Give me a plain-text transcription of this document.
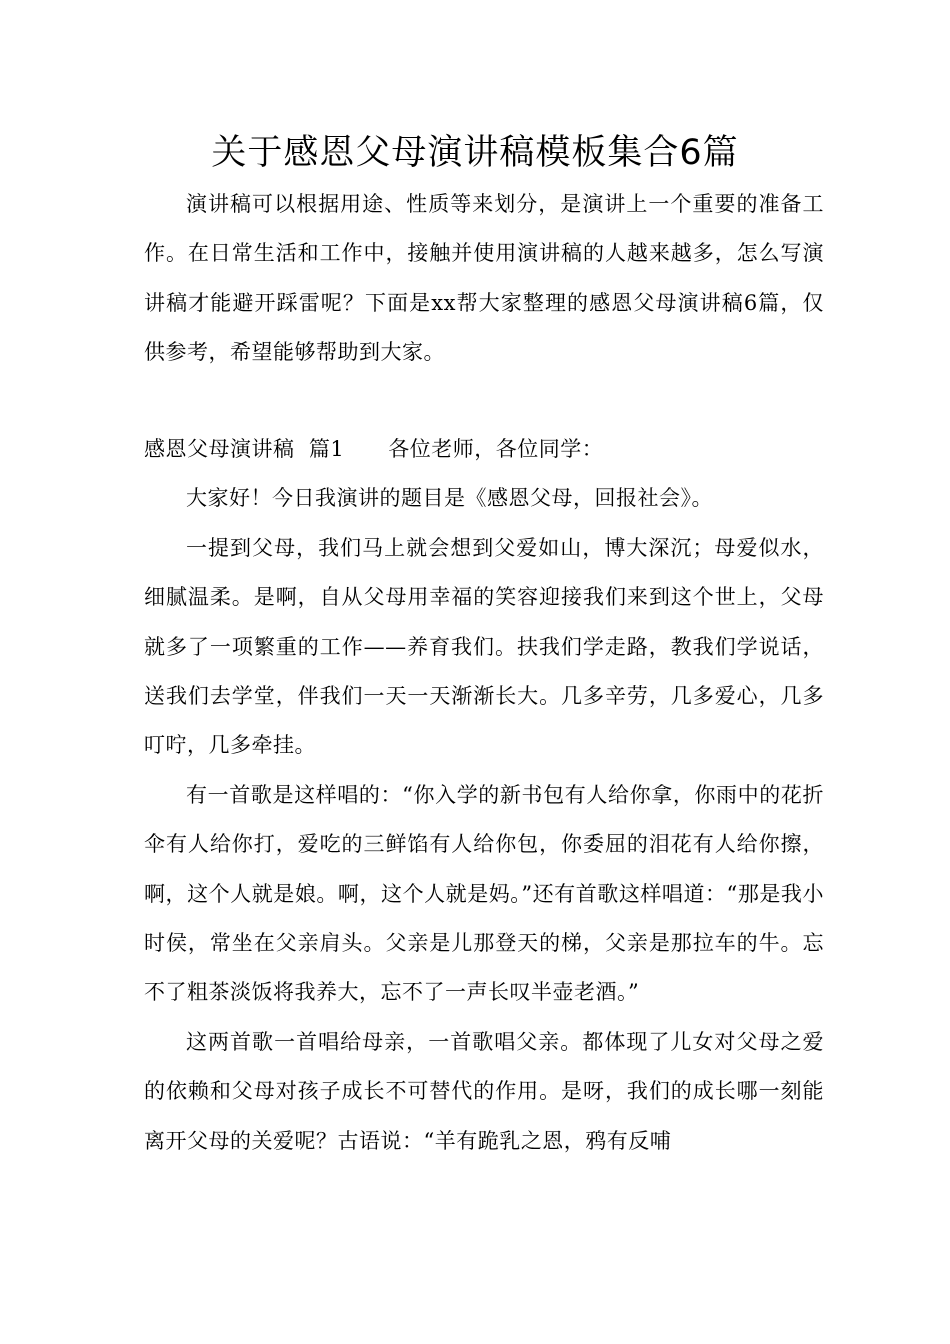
关于感恩父母演讲稿模板集合6篇

演讲稿可以根据用途、性质等来划分，是演讲上一个重要的准备工作。在日常生活和工作中，接触并使用演讲稿的人越来越多，怎么写演讲稿才能避开踩雷呢？下面是xx帮大家整理的感恩父母演讲稿6篇，仅供参考，希望能够帮助到大家。

感恩父母演讲稿  篇1 各位老师，各位同学：

大家好！今日我演讲的题目是《感恩父母，回报社会》。

一提到父母，我们马上就会想到父爱如山，博大深沉；母爱似水，细腻温柔。是啊，自从父母用幸福的笑容迎接我们来到这个世上，父母就多了一项繁重的工作——养育我们。扶我们学走路，教我们学说话，送我们去学堂，伴我们一天一天渐渐长大。几多辛劳，几多爱心，几多叮咛，几多牵挂。

有一首歌是这样唱的：“你入学的新书包有人给你拿，你雨中的花折伞有人给你打，爱吃的三鲜馅有人给你包，你委屈的泪花有人给你擦，啊，这个人就是娘。啊，这个人就是妈。”还有首歌这样唱道：“那是我小时侯，常坐在父亲肩头。父亲是儿那登天的梯，父亲是那拉车的牛。忘不了粗茶淡饭将我养大，忘不了一声长叹半壶老酒。”

这两首歌一首唱给母亲，一首歌唱父亲。都体现了儿女对父母之爱的依赖和父母对孩子成长不可替代的作用。是呀，我们的成长哪一刻能离开父母的关爱呢？古语说：“羊有跪乳之恩，鸦有反哺
